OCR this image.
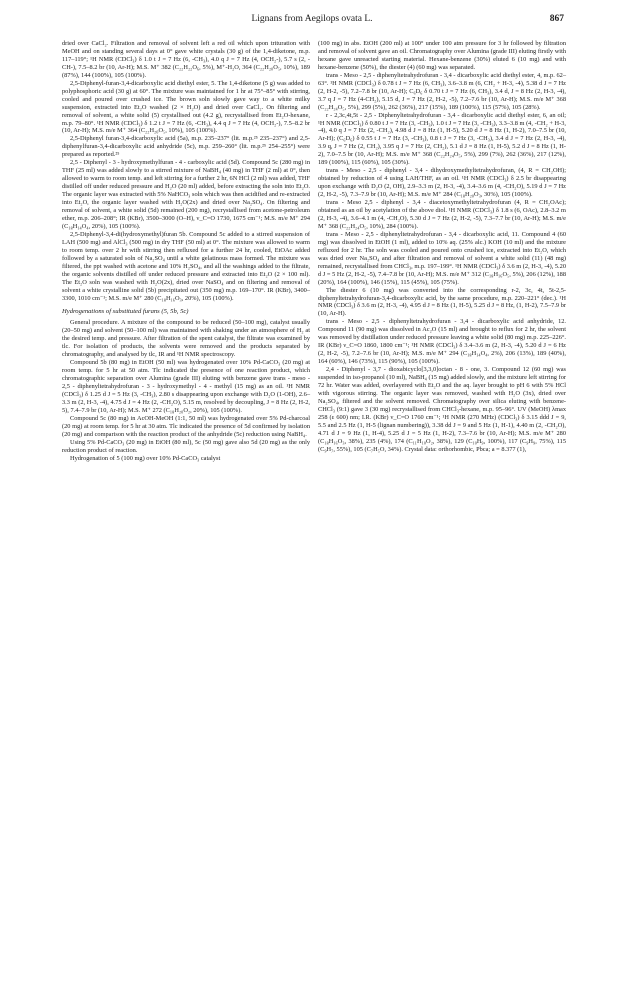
Lignans from Aegilops ovata L.	867

dried over CaCl₂. Filtration and removal of solvent left a red oil which upon trituration with MeOH and on standing several days at 0° gave white crystals (30 g) of the 1,4-diketone, m.p. 117–119°; ¹H NMR (CDCl₃) δ 1.0 t J = 7 Hz (6, -CH₃), 4.0 q J = 7 Hz (4, OCH₂-), 5.7 s (2, -CH-), 7.5–8.2 br (10, Ar-H); M.S. M⁺ 382 (C₂₂H₂₂O₆, 5%), M⁺-H₂O, 364 (C₂₂H₂₀O₅, 10%), 189 (87%), 144 (100%), 105 (100%).

2,5-Diphenyl-furan-3,4-dicarboxylic acid diethyl ester, 5. The 1,4-diketone (5 g) was added to polyphosphoric acid (30 g) at 60°. The mixture was maintained for 1 hr at 75°–85° with stirring, cooled and poured over crushed ice. The brown soln slowly gave way to a white milky suspension, extracted into Et₂O washed (2 × H₂O) and dried over CaCl₂. On filtering and removal of solvent, a white solid (5) crystallised out (4.2 g), recrystallised from Et₂O-hexane, m.p. 79–80°. ¹H NMR (CDCl₃) δ 1.2 t J = 7 Hz (6, -CH₃), 4.4 q J = 7 Hz (4, OCH₂-), 7.5–8.2 br (10, Ar-H); M.S. m/e M⁺ 364 (C₂₂H₂₀O₅, 10%), 105 (100%).

2,5-Diphenyl furan-3,4-dicarboxylic acid (5a), m.p. 235–237° (lit. m.p.²⁵ 235–237°) and 2,5-diphenylfuran-3,4-dicarboxylic acid anhydride (5c), m.p. 259–260° (lit. m.p.²⁵ 254–255°) were prepared as reported.²⁵

2,5 - Diphenyl - 3 - hydroxymethylfuran - 4 - carboxylic acid (5d). Compound 5c (280 mg) in THF (25 ml) was added slowly to a stirred mixture of NaBH₄ (40 mg) in THF (2 ml) at 0°, then allowed to warm to room temp. and left stirring for a further 2 hr, 6N HCl (2 ml) was added, THF distilled off under reduced pressure and H₂O (20 ml) added, before extracting the soln into Et₂O. The organic layer was extracted with 5% NaHCO₃ soln which was then acidified and re-extracted into Et₂O, the organic layer washed with H₂O(2x) and dried over Na₂SO₄. On filtering and removal of solvent, a white solid (5d) remained (200 mg), recrystallised from acetone-petroleum ether, m.p. 206–208°; IR (KBr), 3500–3000 (O–H), ν_C=O 1730, 1675 cm⁻¹; M.S. m/e M⁺ 294 (C₁₈H₁₄O₄, 20%), 105 (100%).

2,5-Diphenyl-3,4-di(hydroxymethyl)furan 5b. Compound 5c added to a stirred suspension of LAH (500 mg) and AlCl₃ (500 mg) in dry THF (50 ml) at 0°. The mixture was allowed to warm to room temp. over 2 hr with stirring then refluxed for a further 24 hr, cooled, EtOAc added followed by a saturated soln of Na₂SO₄ until a white gelatinous mass formed. The mixture was filtered, the ppt washed with acetone and 10% H₂SO₄, and all the washings added to the filtrate, the organic solvents distilled off under reduced pressure and extracted into Et₂O (2 × 100 ml). The Et₂O soln was washed with H₂O(2x), dried over NaSO₄ and on filtering and removal of solvent a white crystalline solid (5b) precipitated out (350 mg) m.p. 169–170°. IR (KBr), 3400–3300, 1010 cm⁻¹; M.S. m/e M⁺ 280 (C₁₈H₁₆O₃, 20%), 105 (100%).

Hydrogenations of substituted furans (5, 5b, 5c)

General procedure. A mixture of the compound to be reduced (50–100 mg), catalyst usually (20–50 mg) and solvent (50–100 ml) was maintained with shaking under an atmosphere of H₂ at the desired temp. and pressure. After filtration of the spent catalyst, the filtrate was examined by tlc. For isolation of products, the solvents were removed and the products separated by chromatography, and analysed by tlc, IR and ¹H NMR spectroscopy.

Compound 5b (80 mg) in EtOH (50 ml) was hydrogenated over 10% Pd-CaCO₃ (20 mg) at room temp. for 5 hr at 50 atm. Tlc indicated the presence of one reaction product, which chromatographic separation over Alumina (grade III) eluting with benzene gave trans - meso - 2,5 - diphenyltetrahydrofuran - 3 - hydroxymethyl - 4 - methyl (15 mg) as an oil. ¹H NMR (CDCl₃) δ 1.25 d J = 5 Hz (3, -CH₃), 2.80 s disappearing upon exchange with D₂O (1-OH), 2.6–3.3 m (2, H-3, -4), 4.75 d J = 4 Hz (2, -CH₂O), 5.15 m, resolved by decoupling, J = 8 Hz (2, H-2, 5), 7.4–7.9 br (10, Ar-H); M.S. M⁺ 272 (C₁₈H₂₀O₂, 20%), 105 (100%).

Compound 5c (80 mg) in AcOH-MeOH (1:1, 50 ml) was hydrogenated over 5% Pd-charcoal (20 mg) at room temp. for 5 hr at 30 atm. Tlc indicated the presence of 5d confirmed by isolation (20 mg) and comparison with the reaction product of the anhydride (5c) reduction using NaBH₄.

Using 5% Pd-CaCO₃ (20 mg) in EtOH (80 ml), 5c (50 mg) gave also 5d (20 mg) as the only reduction product of reaction.

Hydrogenation of 5 (100 mg) over 10% Pd-CaCO₃ catalyst

(100 mg) in abs. EtOH (200 ml) at 100° under 100 atm pressure for 3 hr followed by filtration and removal of solvent gave an oil. Chromatography over Alumina (grade III) eluting firstly with hexane gave unreacted starting material. Hexane-benzene (30%) eluted 6 (10 mg) and with hexane-benzene (50%), the diester (4) (60 mg) was separated.

trans - Meso - 2,5 - diphenyltetrahydrofuran - 3,4 - dicarboxylic acid diethyl ester, 4, m.p. 62–63°. ¹H NMR (CDCl₃) δ 0.78 t J = 7 Hz (6, CH₃), 3.6–3.8 m (6, CH₂ + H-3, -4), 5.38 d J = 7 Hz (2, H-2, -5), 7.2–7.8 br (10, Ar-H); C₆D₆ δ 0.70 t J = 7 Hz (6, CH₃), 3.4 d, J = 8 Hz (2, H-3, -4), 3.7 q J = 7 Hz (4-CH₂), 5.15 d, J = 7 Hz (2, H-2, -5), 7.2–7.6 br (10, Ar-H); M.S. m/e M⁺ 368 (C₂₂H₂₄O₅, 5%), 299 (5%), 262 (36%), 217 (15%), 189 (100%), 115 (57%), 105 (28%).

r - 2,3c,4t,5t - 2,5 - Diphenyltetrahydrofuran - 3,4 - dicarboxylic acid diethyl ester, 6, an oil; ¹H NMR (CDCl₃) δ 0.80 t J = 7 Hz (3, -CH₃), 1.0 t J = 7 Hz (3, -CH₃), 3.3–3.8 m (4, -CH₂ + H-3, -4), 4.0 q J = 7 Hz (2, -CH₂), 4.98 d J = 8 Hz (1, H-5), 5.20 d J = 8 Hz (1, H-2), 7.0–7.5 br (10, Ar-H); (C₆D₆) δ 0.55 t J = 7 Hz (3, -CH₃), 0.8 t J = 7 Hz (3, -CH₃), 3.4 d J = 7 Hz (2, H-3, -4), 3.9 q, J = 7 Hz (2, CH₂), 3.95 q J = 7 Hz (2, CH₂), 5.1 d J = 8 Hz (1, H-5), 5.2 d J = 8 Hz (1, H-2), 7.0–7.5 br (10, Ar-H); M.S. m/e M⁺ 368 (C₂₂H₂₄O₅, 5%), 299 (7%), 262 (36%), 217 (12%), 189 (100%), 115 (60%), 105 (30%).

trans - Meso - 2,5 - diphenyl - 3,4 - dihydroxymethyltetrahydrofuran, (4, R = CH₂OH); obtained by reduction of 4 using LAH/THF, as an oil. ¹H NMR (CDCl₃) δ 2.5 br disappearing upon exchange with D₂O (2, OH), 2.9–3.3 m (2, H-3, -4), 3.4–3.6 m (4, -CH₂O), 5.19 d J = 7 Hz (2, H-2, -5), 7.3–7.9 br (10, Ar-H); M.S. m/e M⁺ 284 (C₁₈H₂₀O₃, 30%), 105 (100%).

trans - Meso 2,5 - diphenyl - 3,4 - diacetoxymethyltetrahydrofuran (4, R = CH₂OAc); obtained as an oil by acetylation of the above diol. ¹H NMR (CDCl₃) δ 1.8 s (6, OAc), 2.8–3.2 m (2, H-3, -4), 3.6–4.1 m (4, -CH₂O), 5.30 d J = 7 Hz (2, H-2, -5), 7.3–7.7 br (10, Ar-H); M.S. m/e M⁺ 368 (C₂₂H₂₄O₅, 10%), 284 (100%).

trans - Meso - 2,5 - diphenyltetrahydrofuran - 3,4 - dicarboxylic acid, 11. Compound 4 (60 mg) was dissolved in EtOH (1 ml), added to 10% aq. (25% alc.) KOH (10 ml) and the mixture refluxed for 2 hr. The soln was cooled and poured onto crushed ice, extracted into Et₂O, which was dried over Na₂SO₄ and after filtration and removal of solvent a white solid (11) (48 mg) remained, recrystallised from CHCl₃, m.p. 197–199°. ¹H NMR (CDCl₃) δ 3.6 m (2, H-3, -4), 5.20 d J = 5 Hz (2, H-2, -5), 7.4–7.8 br (10, Ar-H); M.S. m/e M⁺ 312 (C₁₈H₁₆O₅, 5%), 206 (12%), 188 (20%), 164 (100%), 146 (15%), 115 (45%), 105 (75%).

The diester 6 (10 mg) was converted into the corresponding r-2, 3c, 4t, 5t-2,5-diphenyltetrahydrofuran-3,4-dicarboxylic acid, by the same procedure, m.p. 220–221° (dec.). ¹H NMR (CDCl₃) δ 3.6 m (2, H-3, -4), 4.95 d J = 8 Hz (1, H-5), 5.25 d J = 8 Hz, (1, H-2), 7.5–7.9 br (10, Ar-H).

trans - Meso - 2,5 - diphenyltetrahydrofuran - 3,4 - dicarboxylic acid anhydride, 12. Compound 11 (90 mg) was dissolved in Ac₂O (15 ml) and brought to reflux for 2 hr, the solvent was removed by distillation under reduced pressure leaving a white solid (80 mg) m.p. 225–226°. IR (KBr) ν_C=O 1860, 1800 cm⁻¹; ¹H NMR (CDCl₃) δ 3.4–3.6 m (2, H-3, -4), 5.20 d J = 6 Hz (2, H-2, -5), 7.2–7.6 br (10, Ar-H); M.S. m/e M⁺ 294 (C₁₈H₁₄O₄, 2%), 206 (13%), 189 (40%), 164 (60%), 146 (73%), 115 (90%), 105 (100%).

2,4 - Diphenyl - 3,7 - dioxabicyclo[3,3,0]octan - 8 - one, 3. Compound 12 (60 mg) was suspended in iso-propanol (10 ml), NaBH₄ (15 mg) added slowly, and the mixture left stirring for 72 hr. Water was added, overlayered with Et₂O and the aq. layer brought to pH 6 with 5% HCl with vigorous stirring. The organic layer was removed, washed with H₂O (3x), dried over Na₂SO₄, filtered and the solvent removed. Chromatography over silica eluting with benzene-CHCl₃ (9:1) gave 3 (30 mg) recrystallised from CHCl₃-hexane, m.p. 95–96°. UV (MeOH) λmax 258 (ε 600) nm; I.R. (KBr) ν_C=O 1760 cm⁻¹; ¹H NMR (270 MHz) (CDCl₃) δ 3.15 ddd J = 9, 5.5 and 2.5 Hz (1, H-5 (lignan numbering)), 3.38 dd J = 9 and 5 Hz (1, H-1), 4.40 m (2, -CH₂O), 4.71 d J = 9 Hz (1, H-4), 5.25 d J = 5 Hz (1, H-2), 7.3–7.6 br (10, Ar-H); M.S. m/e M⁺ 280 (C₁₈H₁₆O₃, 38%), 235 (4%), 174 (C₁₁H₁₀O₂, 38%), 129 (C₁₀H₉, 100%), 117 (C₉H₉, 75%), 115 (C₉H₇, 55%), 105 (C₇H₅O, 34%). Crystal data: orthorhombic, Pbca; a = 8.377 (1),
